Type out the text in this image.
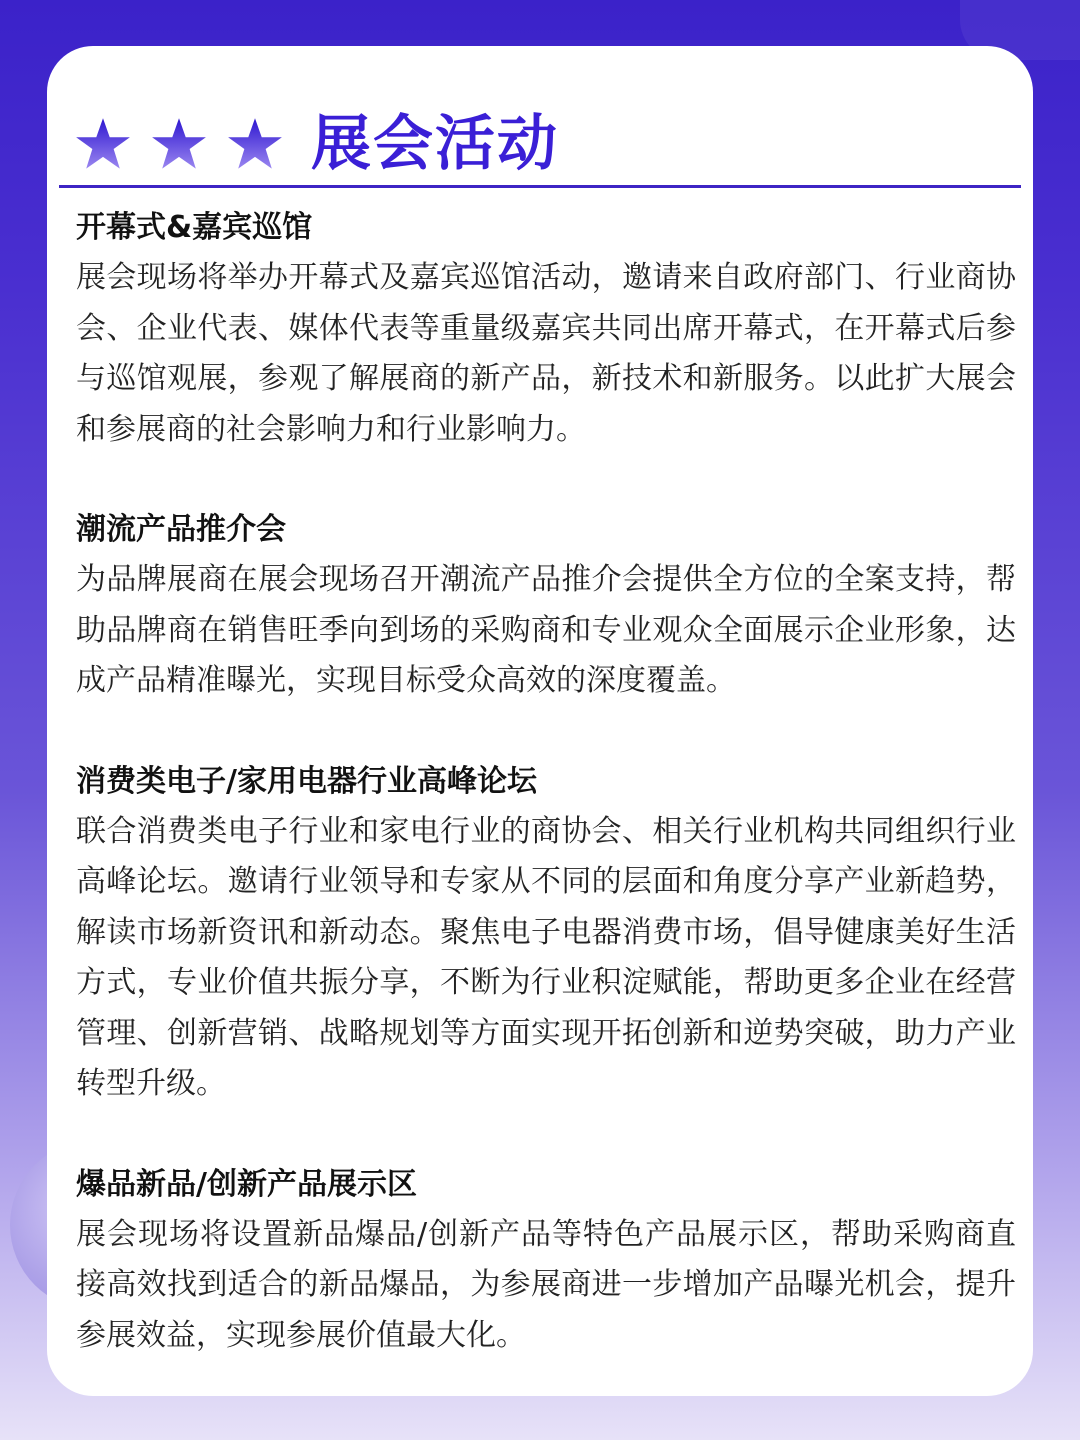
展会活动
开幕式&嘉宾巡馆

展会现场将举办开幕式及嘉宾巡馆活动，邀请来自政府部门、行业商协会、企业代表、媒体代表等重量级嘉宾共同出席开幕式，在开幕式后参与巡馆观展，参观了解展商的新产品，新技术和新服务。以此扩大展会和参展商的社会影响力和行业影响力。

潮流产品推介会

为品牌展商在展会现场召开潮流产品推介会提供全方位的全案支持，帮助品牌商在销售旺季向到场的采购商和专业观众全面展示企业形象，达成产品精准曝光，实现目标受众高效的深度覆盖。

消费类电子/家用电器行业高峰论坛

联合消费类电子行业和家电行业的商协会、相关行业机构共同组织行业高峰论坛。邀请行业领导和专家从不同的层面和角度分享产业新趋势，解读市场新资讯和新动态。聚焦电子电器消费市场，倡导健康美好生活方式，专业价值共振分享，不断为行业积淀赋能，帮助更多企业在经营管理、创新营销、战略规划等方面实现开拓创新和逆势突破，助力产业转型升级。

爆品新品/创新产品展示区

展会现场将设置新品爆品/创新产品等特色产品展示区，帮助采购商直接高效找到适合的新品爆品，为参展商进一步增加产品曝光机会，提升参展效益，实现参展价值最大化。
